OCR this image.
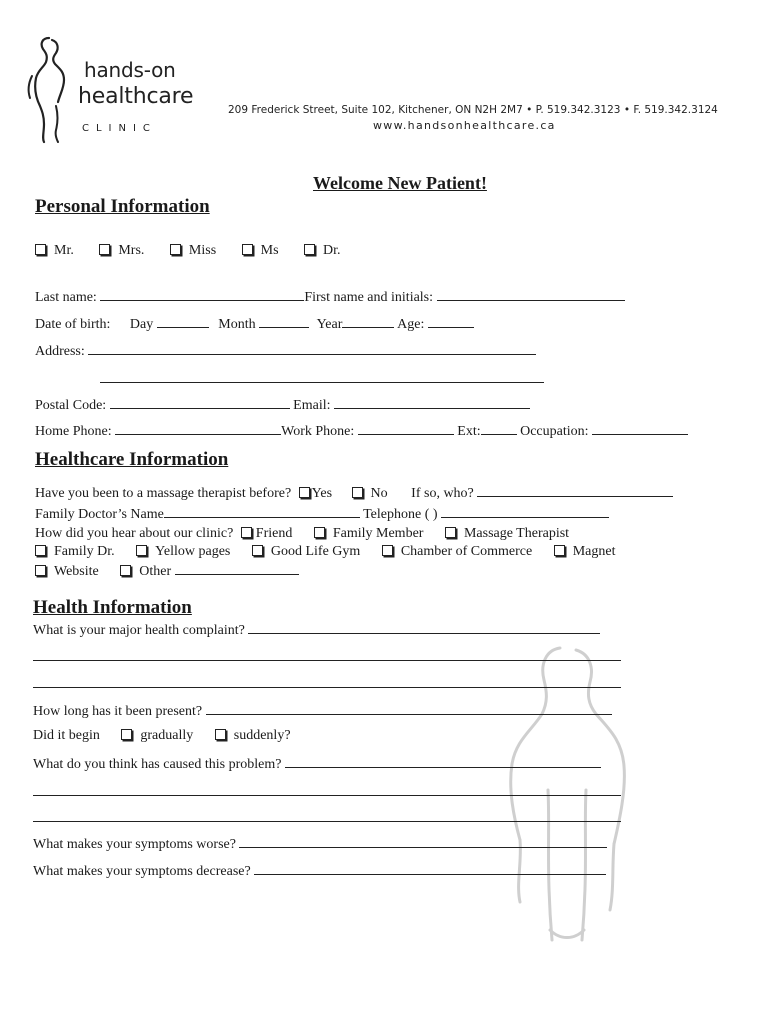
hands-on
healthcare
CLINIC
209 Frederick Street, Suite 102, Kitchener, ON N2H 2M7 • P. 519.342.3123 • F. 519.342.3124
www.handsonhealthcare.ca
Welcome New Patient!
Personal Information
Mr.	Mrs.	Miss	Ms	Dr.
Last name:	First name and initials:
Date of birth: Day	Month	Year	Age:
Address:
Postal Code:	Email:
Home Phone:	Work Phone:	Ext:	Occupation:
Healthcare Information
Have you been to a massage therapist before? Yes	No If so, who?
Family Doctor’s Name	Telephone ( )
How did you hear about our clinic? Friend	Family Member	Massage Therapist
Family Dr.	Yellow pages	Good Life Gym	Chamber of Commerce	Magnet
Website	Other
Health Information
What is your major health complaint?
How long has it been present?
Did it begin	gradually	suddenly?
What do you think has caused this problem?
What makes your symptoms worse?
What makes your symptoms decrease?
